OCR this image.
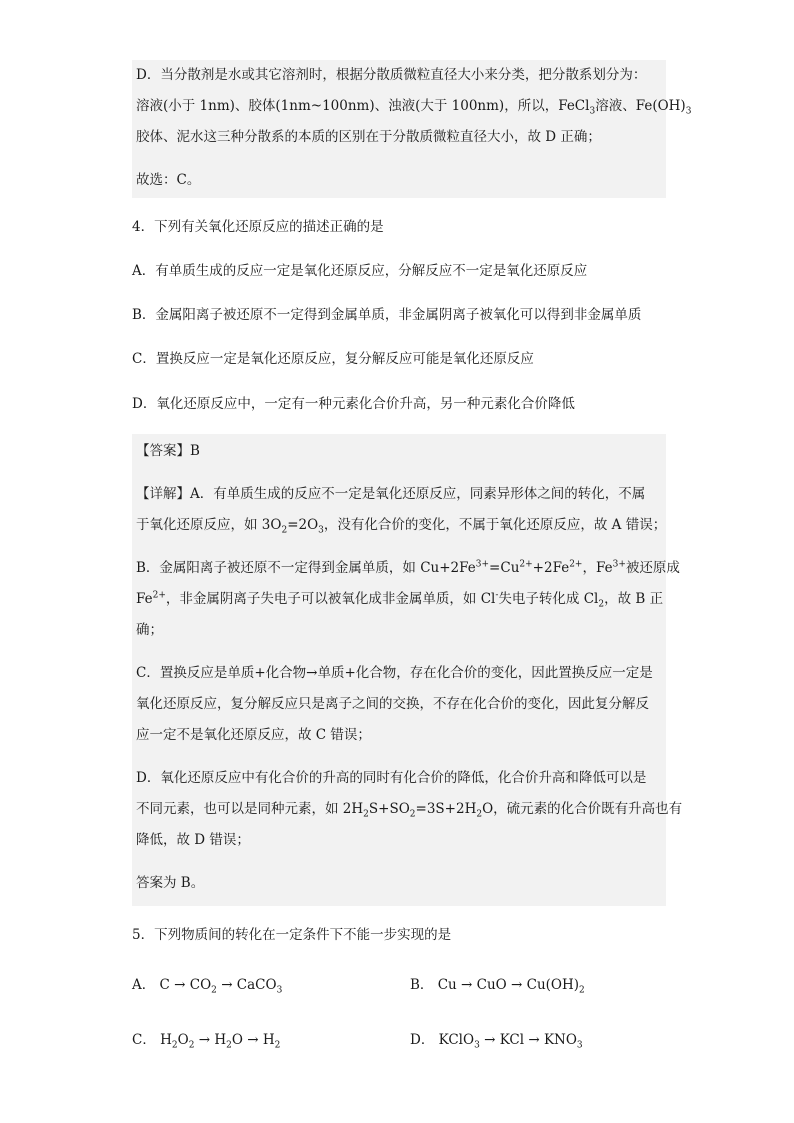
D．当分散剂是水或其它溶剂时，根据分散质微粒直径大小来分类，把分散系划分为：

溶液(小于 1nm)、胶体(1nm~100nm)、浊液(大于 100nm)，所以，FeCl$_3$溶液、$Fe(OH)_3$

胶体、泥水这三种分散系的本质的区别在于分散质微粒直径大小，故 D 正确；

故选：C。

4．下列有关氧化还原反应的描述正确的是
A．有单质生成的反应一定是氧化还原反应，分解反应不一定是氧化还原反应
B．金属阳离子被还原不一定得到金属单质，非金属阴离子被氧化可以得到非金属单质
C．置换反应一定是氧化还原反应，复分解反应可能是氧化还原反应
D．氧化还原反应中，一定有一种元素化合价升高，另一种元素化合价降低

【答案】B

【详解】A．有单质生成的反应不一定是氧化还原反应，同素异形体之间的转化，不属

于氧化还原反应，如 $3O_2=2O_3$，没有化合价的变化，不属于氧化还原反应，故 A 错误；

B．金属阳离子被还原不一定得到金属单质，如 $Cu+2Fe^{3+}=Cu^{2+}+2Fe^{2+}$，$Fe^{3+}$被还原成

$Fe^{2+}$，非金属阴离子失电子可以被氧化成非金属单质，如 Cl-失电子转化成 $Cl_2$，故 B 正

确；

C．置换反应是单质+化合物→单质+化合物，存在化合价的变化，因此置换反应一定是

氧化还原反应，复分解反应只是离子之间的交换，不存在化合价的变化，因此复分解反

应一定不是氧化还原反应，故 C 错误；

D．氧化还原反应中有化合价的升高的同时有化合价的降低，化合价升高和降低可以是

不同元素，也可以是同种元素，如 $2H_2S+SO_2=3S+2H_2O$，硫元素的化合价既有升高也有

降低，故 D 错误；

答案为 B。

5．下列物质间的转化在一定条件下不能一步实现的是
A． $C \to CO_2$ → CaCO$_3$	B． Cu → CuO → $Cu(OH)_2$
C． $H_2O_2 \to H_2O \to H_2$	D． KClO$_3$ → KCl → $KNO_3$
